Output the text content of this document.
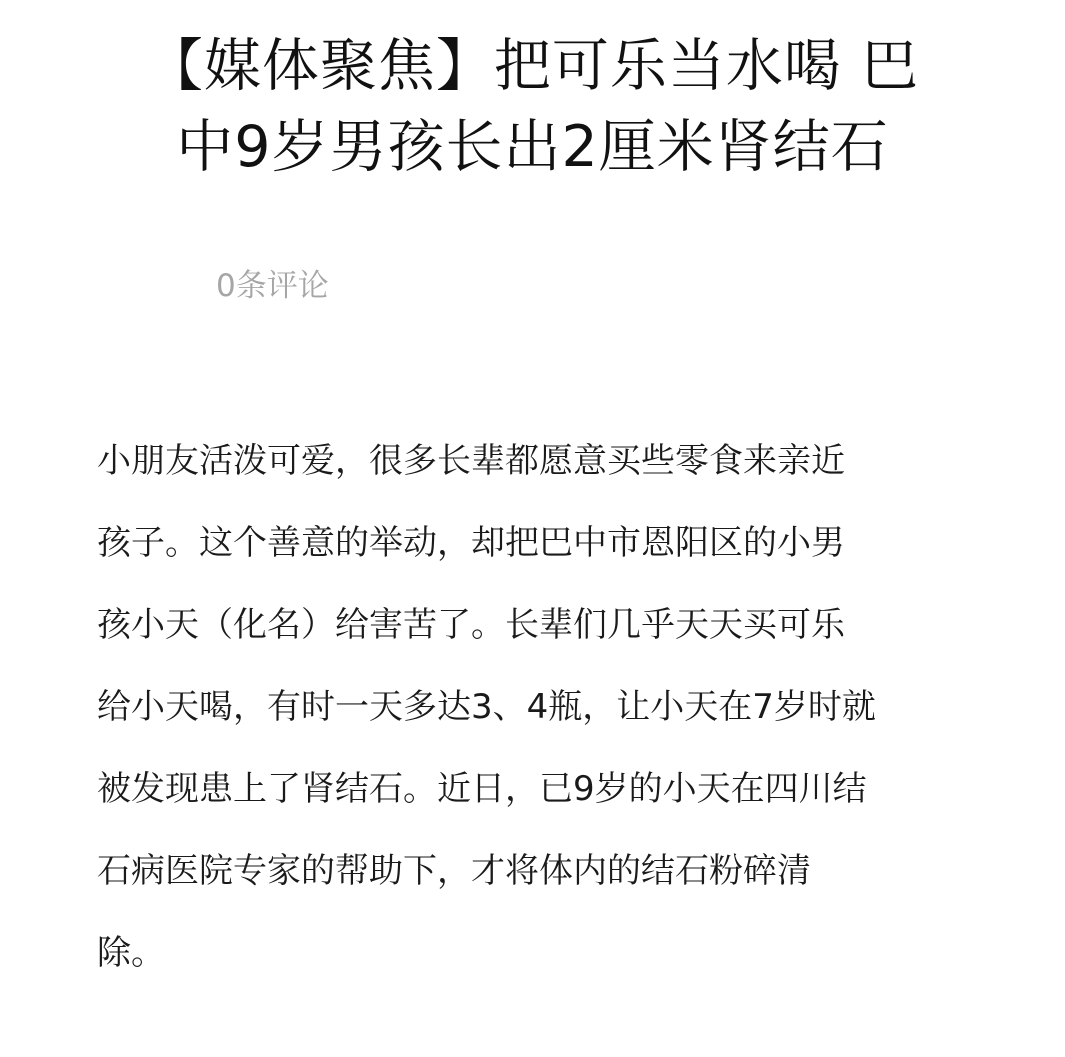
【媒体聚焦】把可乐当水喝 巴
中9岁男孩长出2厘米肾结石
0条评论
小朋友活泼可爱，很多长辈都愿意买些零食来亲近
孩子。这个善意的举动，却把巴中市恩阳区的小男
孩小天（化名）给害苦了。长辈们几乎天天买可乐
给小天喝，有时一天多达3、4瓶，让小天在7岁时就
被发现患上了肾结石。近日，已9岁的小天在四川结
石病医院专家的帮助下，才将体内的结石粉碎清
除。
